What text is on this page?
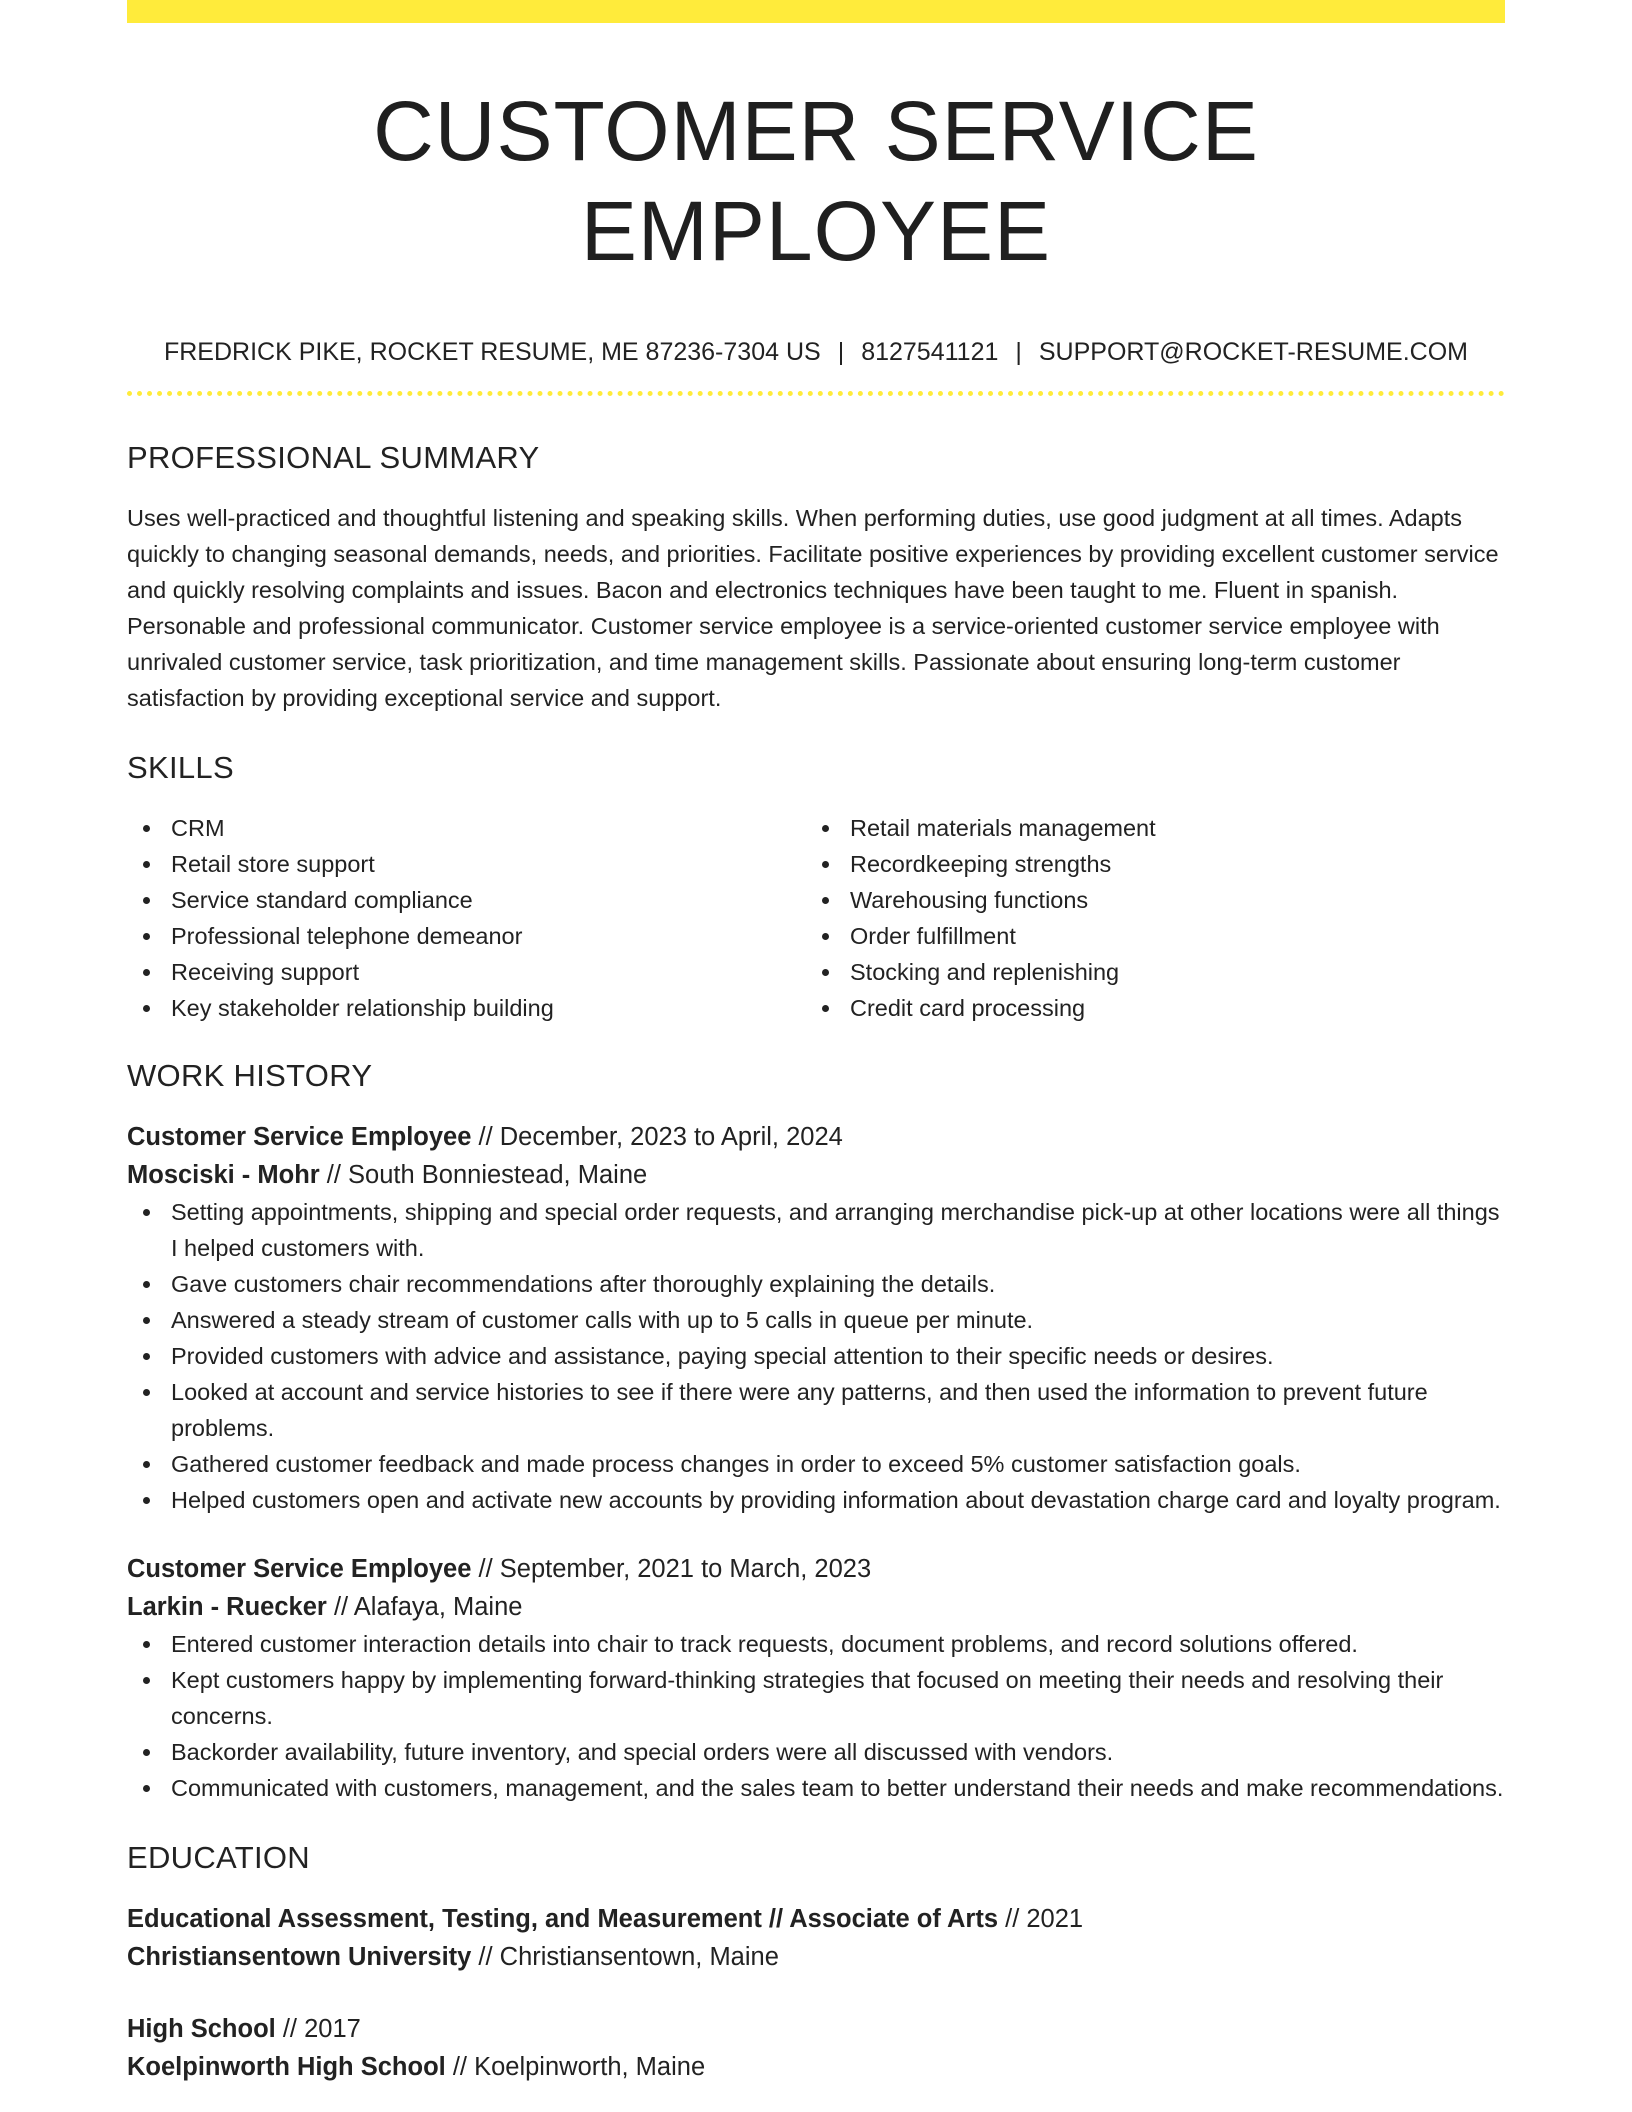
CUSTOMER SERVICE EMPLOYEE
FREDRICK PIKE, ROCKET RESUME, ME 87236-7304 US | 8127541121 | SUPPORT@ROCKET-RESUME.COM
PROFESSIONAL SUMMARY

Uses well-practiced and thoughtful listening and speaking skills. When performing duties, use good judgment at all times. Adapts quickly to changing seasonal demands, needs, and priorities. Facilitate positive experiences by providing excellent customer service and quickly resolving complaints and issues. Bacon and electronics techniques have been taught to me. Fluent in spanish. Personable and professional communicator. Customer service employee is a service-oriented customer service employee with unrivaled customer service, task prioritization, and time management skills. Passionate about ensuring long-term customer satisfaction by providing exceptional service and support.

SKILLS
CRM
Retail store support
Service standard compliance
Professional telephone demeanor
Receiving support
Key stakeholder relationship building
Retail materials management
Recordkeeping strengths
Warehousing functions
Order fulfillment
Stocking and replenishing
Credit card processing
WORK HISTORY
Customer Service Employee // December, 2023 to April, 2024
Mosciski - Mohr // South Bonniestead, Maine
Setting appointments, shipping and special order requests, and arranging merchandise pick-up at other locations were all things I helped customers with.
Gave customers chair recommendations after thoroughly explaining the details.
Answered a steady stream of customer calls with up to 5 calls in queue per minute.
Provided customers with advice and assistance, paying special attention to their specific needs or desires.
Looked at account and service histories to see if there were any patterns, and then used the information to prevent future problems.
Gathered customer feedback and made process changes in order to exceed 5% customer satisfaction goals.
Helped customers open and activate new accounts by providing information about devastation charge card and loyalty program.
Customer Service Employee // September, 2021 to March, 2023
Larkin - Ruecker // Alafaya, Maine
Entered customer interaction details into chair to track requests, document problems, and record solutions offered.
Kept customers happy by implementing forward-thinking strategies that focused on meeting their needs and resolving their concerns.
Backorder availability, future inventory, and special orders were all discussed with vendors.
Communicated with customers, management, and the sales team to better understand their needs and make recommendations.
EDUCATION
Educational Assessment, Testing, and Measurement // Associate of Arts // 2021
Christiansentown University // Christiansentown, Maine
High School // 2017
Koelpinworth High School // Koelpinworth, Maine
